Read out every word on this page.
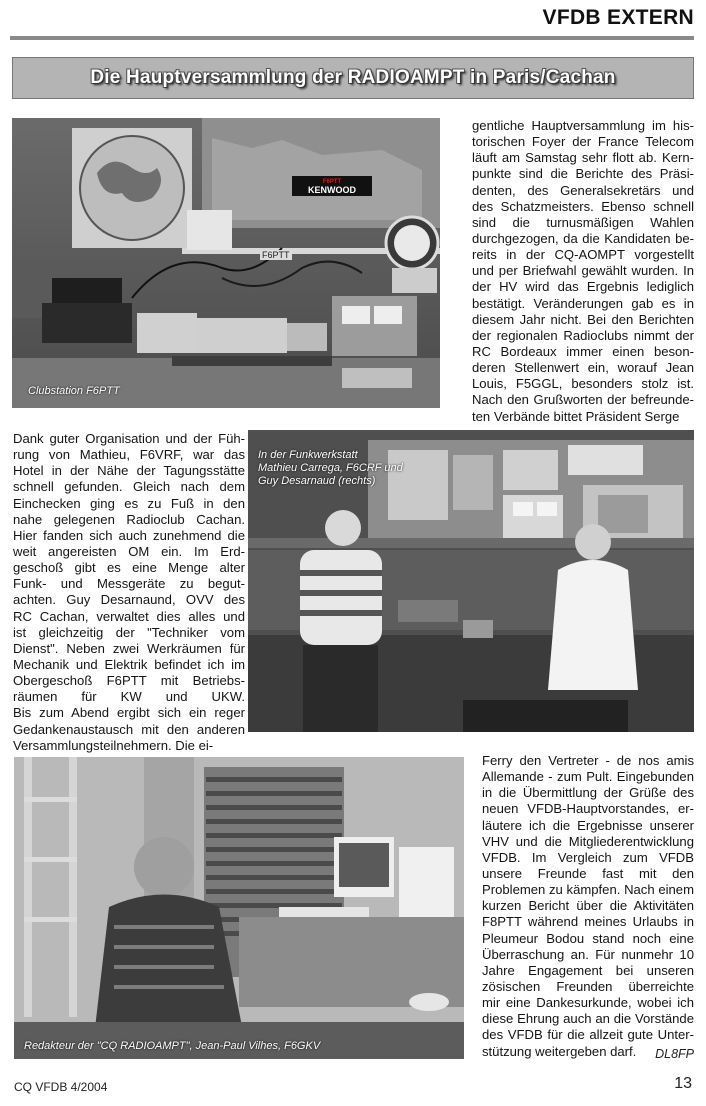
VFDB EXTERN
Die Hauptversammlung der RADIOAMPT in Paris/Cachan
F6PTT
KENWOOD
F6PTT
Clubstation F6PTT
gentliche Hauptversammlung im his-
torischen Foyer der France Telecom
läuft am Samstag sehr flott ab. Kern-
punkte sind die Berichte des Präsi-
denten, des Generalsekretärs und
des Schatzmeisters. Ebenso schnell
sind die turnusmäßigen Wahlen
durchgezogen, da die Kandidaten be-
reits in der CQ-AOMPT vorgestellt
und per Briefwahl gewählt wurden. In
der HV wird das Ergebnis lediglich
bestätigt. Veränderungen gab es in
diesem Jahr nicht. Bei den Berichten
der regionalen Radioclubs nimmt der
RC Bordeaux immer einen beson-
deren Stellenwert ein, worauf Jean
Louis, F5GGL, besonders stolz ist.
Nach den Grußworten der befreunde-
ten Verbände bittet Präsident Serge
Dank guter Organisation und der Füh-
rung von Mathieu, F6VRF, war das
Hotel in der Nähe der Tagungsstätte
schnell gefunden. Gleich nach dem
Einchecken ging es zu Fuß in den
nahe gelegenen Radioclub Cachan.
Hier fanden sich auch zunehmend die
weit angereisten OM ein. Im Erd-
geschoß gibt es eine Menge alter
Funk- und Messgeräte zu begut-
achten. Guy Desarnaund, OVV des
RC Cachan, verwaltet dies alles und
ist gleichzeitig der "Techniker vom
Dienst". Neben zwei Werkräumen für
Mechanik und Elektrik befindet ich im
Obergeschoß F6PTT mit Betriebs-
räumen für KW und UKW.
Bis zum Abend ergibt sich ein reger
Gedankenaustausch mit den anderen
Versammlungsteilnehmern. Die ei-
In der Funkwerkstatt
Mathieu Carrega, F6CRF und
Guy Desarnaud (rechts)
Redakteur der "CQ RADIOAMPT", Jean-Paul Vilhes, F6GKV
Ferry den Vertreter - de nos amis
Allemande - zum Pult. Eingebunden
in die Übermittlung der Grüße des
neuen VFDB-Hauptvorstandes, er-
läutere ich die Ergebnisse unserer
VHV und die Mitgliederentwicklung
VFDB. Im Vergleich zum VFDB
unsere Freunde fast mit den
Problemen zu kämpfen. Nach einem
kurzen Bericht über die Aktivitäten
F8PTT während meines Urlaubs in
Pleumeur Bodou stand noch eine
Überraschung an. Für nunmehr 10
Jahre Engagement bei unseren
zösischen Freunden überreichte
mir eine Dankesurkunde, wobei ich
diese Ehrung auch an die Vorstände
des VFDB für die allzeit gute Unter-
stützung weitergeben darf.	DL8FP
CQ VFDB 4/2004	13
